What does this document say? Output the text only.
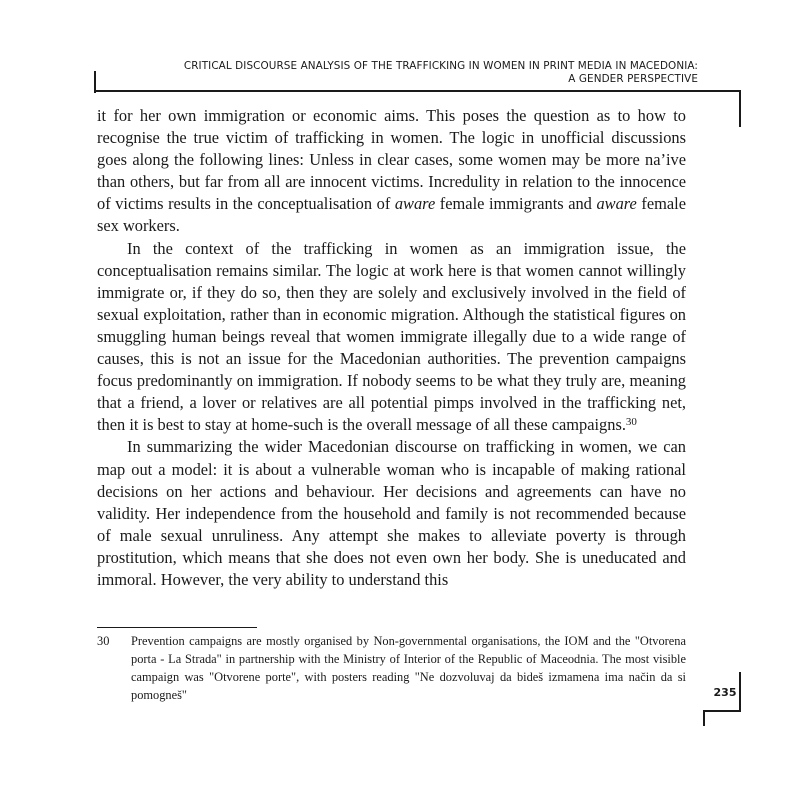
CRITICAL DISCOURSE ANALYSIS OF THE TRAFFICKING IN WOMEN IN PRINT MEDIA IN MACEDONIA:
A GENDER PERSPECTIVE

it for her own immigration or economic aims. This poses the question as to how to recognise the true victim of trafficking in women. The logic in unofficial discussions goes along the following lines: Unless in clear cases, some women may be more na’ive than others, but far from all are innocent victims. Incredulity in relation to the innocence of victims results in the conceptualisation of aware female immigrants and aware female sex workers.

In the context of the trafficking in women as an immigration issue, the conceptualisation remains similar. The logic at work here is that women cannot willingly immigrate or, if they do so, then they are solely and exclusively involved in the field of sexual exploitation, rather than in economic migration. Although the statistical figures on smuggling human beings reveal that women immigrate illegally due to a wide range of causes, this is not an issue for the Macedonian authorities. The prevention campaigns focus predominantly on immigration. If nobody seems to be what they truly are, meaning that a friend, a lover or relatives are all potential pimps involved in the trafficking net, then it is best to stay at home-such is the overall message of all these campaigns.$^{30}$

In summarizing the wider Macedonian discourse on trafficking in women, we can map out a model: it is about a vulnerable woman who is incapable of making rational decisions on her actions and behaviour. Her decisions and agreements can have no validity. Her independence from the household and family is not recommended because of male sexual unruliness. Any attempt she makes to alleviate poverty is through prostitution, which means that she does not even own her body. She is uneducated and immoral. However, the very ability to understand this

30 Prevention campaigns are mostly organised by Non-governmental organisations, the IOM and the "Otvorena porta - La Strada" in partnership with the Ministry of Interior of the Republic of Maceodnia. The most visible campaign was "Otvorene porte", with posters reading "Ne dozvoluvaj da bideš izmamena ima način da si pomogneš"	235
